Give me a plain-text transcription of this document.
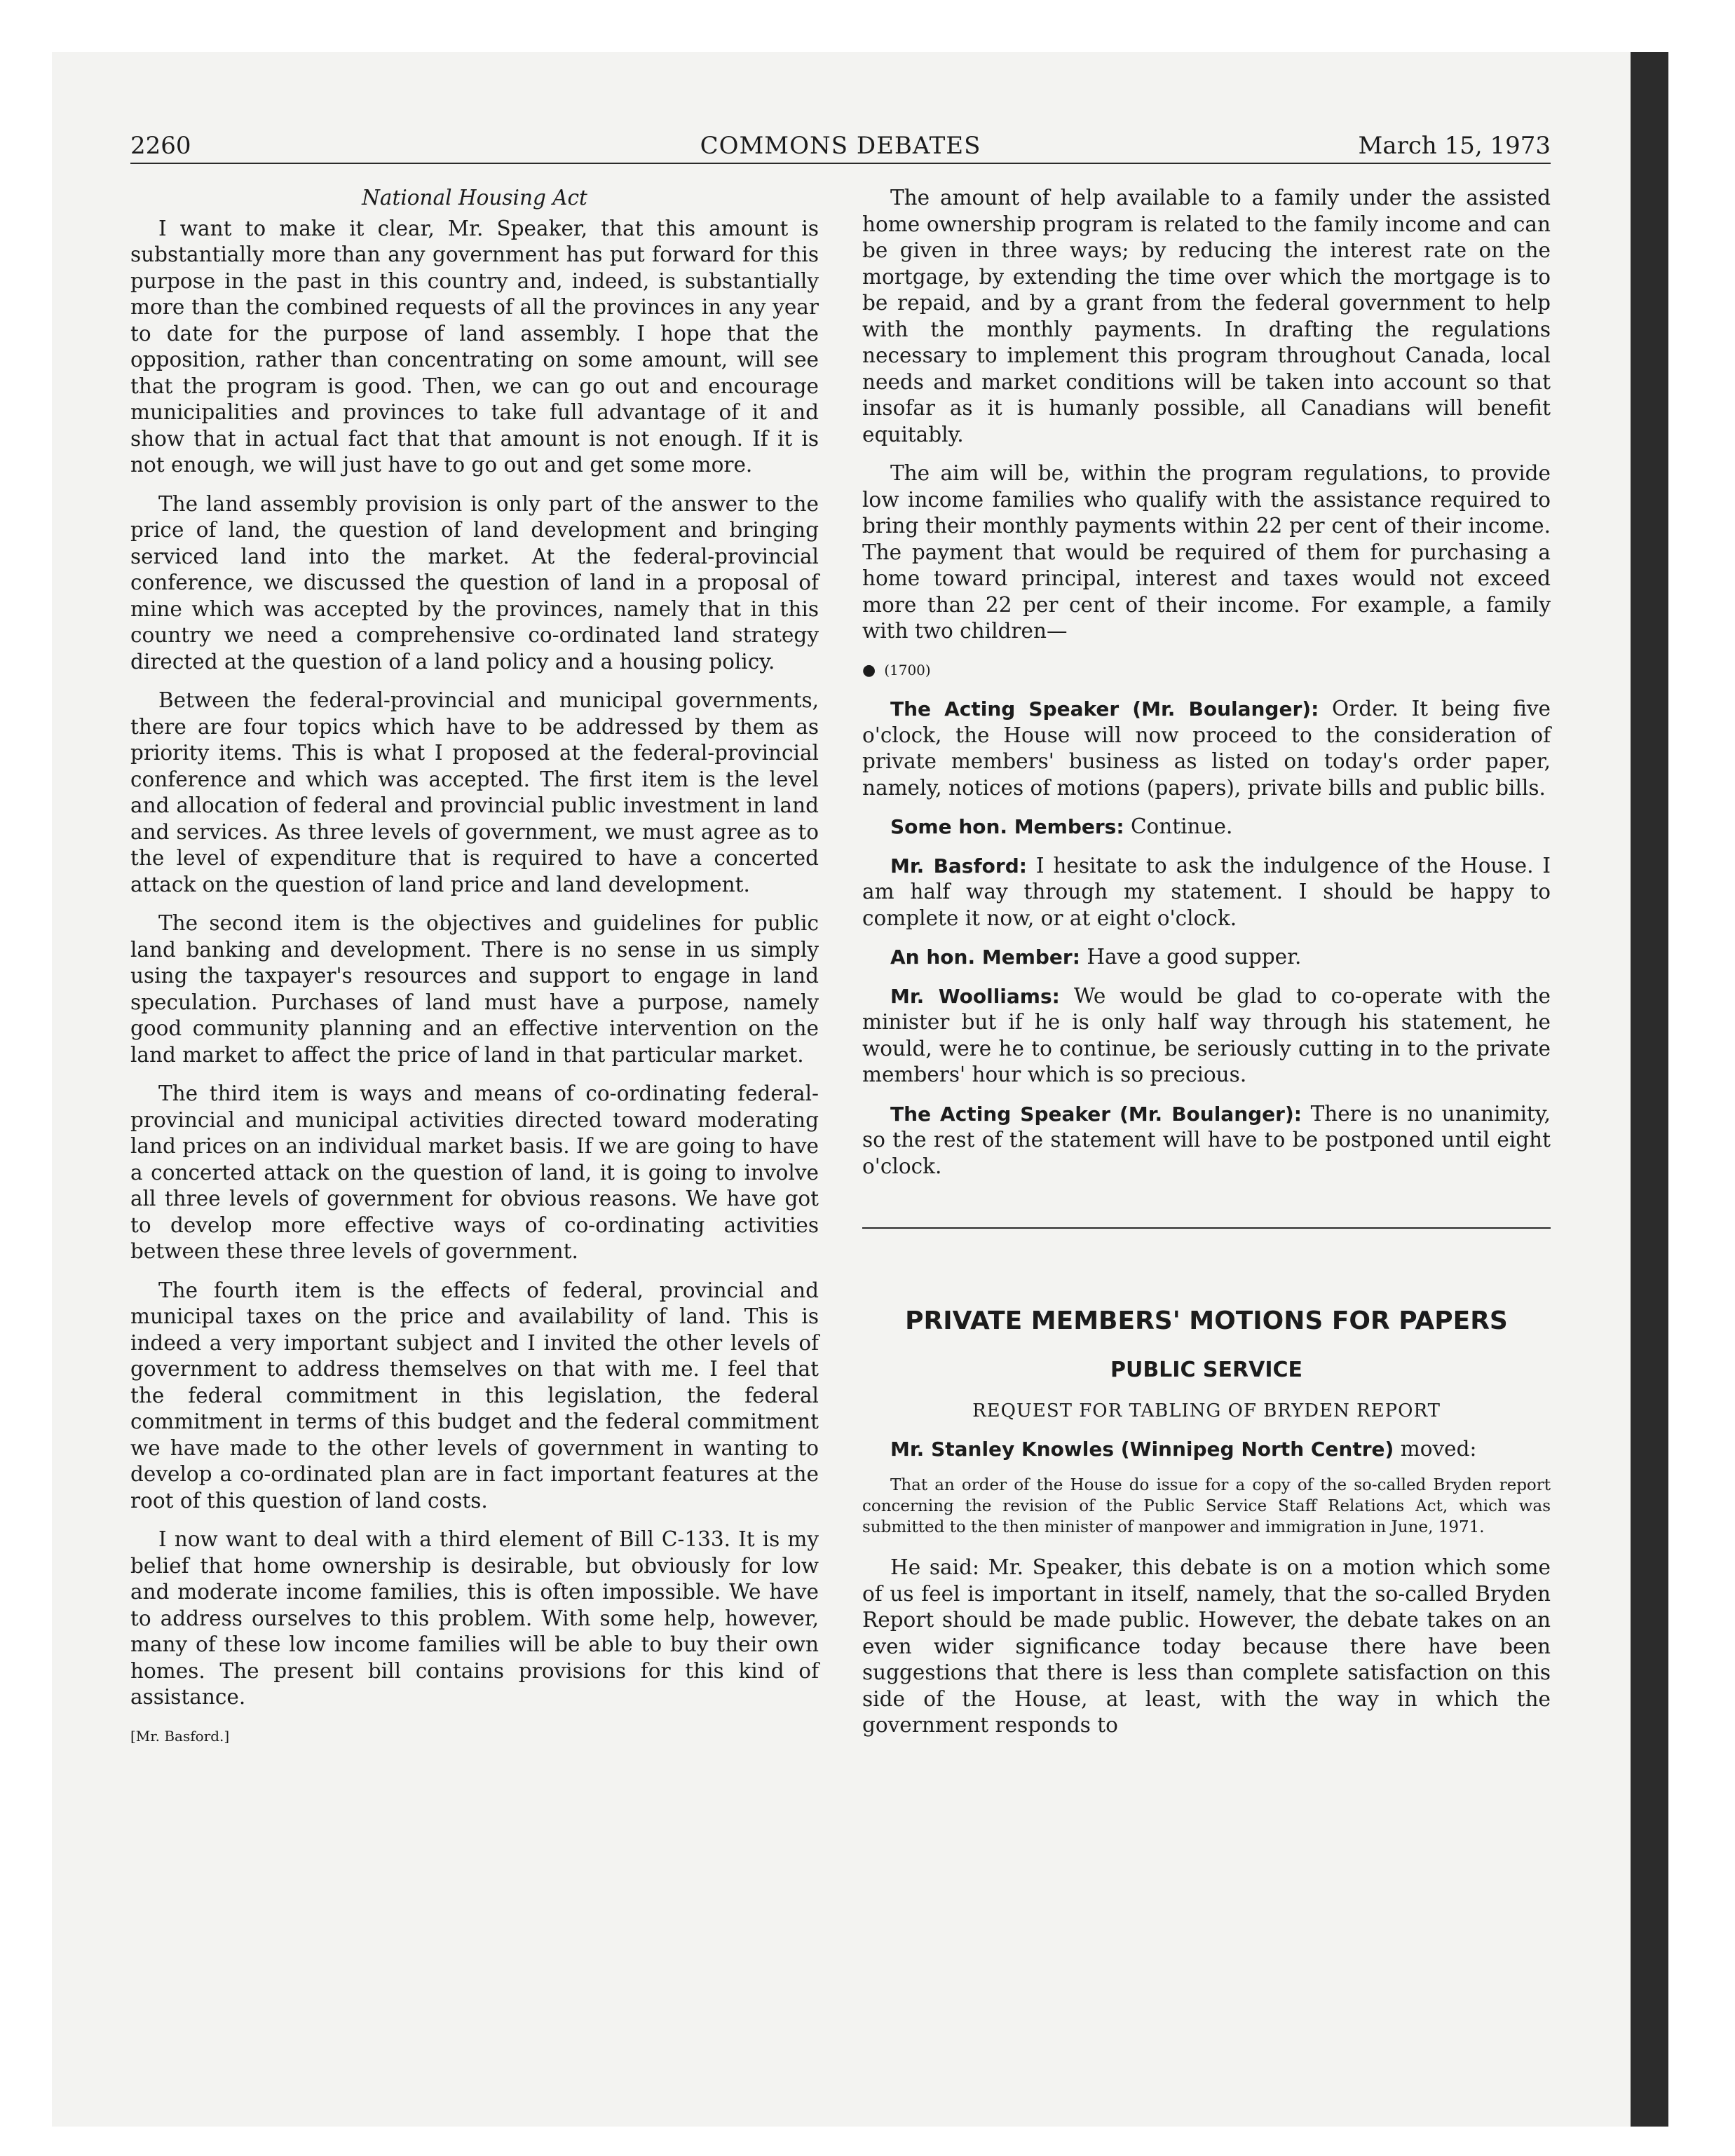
2260	COMMONS DEBATES	March 15, 1973

National Housing Act

I want to make it clear, Mr. Speaker, that this amount is substantially more than any government has put forward for this purpose in the past in this country and, indeed, is substantially more than the combined requests of all the provinces in any year to date for the purpose of land assembly. I hope that the opposition, rather than concentrating on some amount, will see that the program is good. Then, we can go out and encourage municipalities and provinces to take full advantage of it and show that in actual fact that that amount is not enough. If it is not enough, we will just have to go out and get some more.

The land assembly provision is only part of the answer to the price of land, the question of land development and bringing serviced land into the market. At the federal-provincial conference, we discussed the question of land in a proposal of mine which was accepted by the provinces, namely that in this country we need a comprehensive co-ordinated land strategy directed at the question of a land policy and a housing policy.

Between the federal-provincial and municipal governments, there are four topics which have to be addressed by them as priority items. This is what I proposed at the federal-provincial conference and which was accepted. The first item is the level and allocation of federal and provincial public investment in land and services. As three levels of government, we must agree as to the level of expenditure that is required to have a concerted attack on the question of land price and land development.

The second item is the objectives and guidelines for public land banking and development. There is no sense in us simply using the taxpayer's resources and support to engage in land speculation. Purchases of land must have a purpose, namely good community planning and an effective intervention on the land market to affect the price of land in that particular market.

The third item is ways and means of co-ordinating federal-provincial and municipal activities directed toward moderating land prices on an individual market basis. If we are going to have a concerted attack on the question of land, it is going to involve all three levels of government for obvious reasons. We have got to develop more effective ways of co-ordinating activities between these three levels of government.

The fourth item is the effects of federal, provincial and municipal taxes on the price and availability of land. This is indeed a very important subject and I invited the other levels of government to address themselves on that with me. I feel that the federal commitment in this legislation, the federal commitment in terms of this budget and the federal commitment we have made to the other levels of government in wanting to develop a co-ordinated plan are in fact important features at the root of this question of land costs.

I now want to deal with a third element of Bill C-133. It is my belief that home ownership is desirable, but obviously for low and moderate income families, this is often impossible. We have to address ourselves to this problem. With some help, however, many of these low income families will be able to buy their own homes. The present bill contains provisions for this kind of assistance.

[Mr. Basford.]

The amount of help available to a family under the assisted home ownership program is related to the family income and can be given in three ways; by reducing the interest rate on the mortgage, by extending the time over which the mortgage is to be repaid, and by a grant from the federal government to help with the monthly payments. In drafting the regulations necessary to implement this program throughout Canada, local needs and market conditions will be taken into account so that insofar as it is humanly possible, all Canadians will benefit equitably.

The aim will be, within the program regulations, to provide low income families who qualify with the assistance required to bring their monthly payments within 22 per cent of their income. The payment that would be required of them for purchasing a home toward principal, interest and taxes would not exceed more than 22 per cent of their income. For example, a family with two children—

● (1700)

The Acting Speaker (Mr. Boulanger): Order. It being five o'clock, the House will now proceed to the consideration of private members' business as listed on today's order paper, namely, notices of motions (papers), private bills and public bills.

Some hon. Members: Continue.

Mr. Basford: I hesitate to ask the indulgence of the House. I am half way through my statement. I should be happy to complete it now, or at eight o'clock.

An hon. Member: Have a good supper.

Mr. Woolliams: We would be glad to co-operate with the minister but if he is only half way through his statement, he would, were he to continue, be seriously cutting in to the private members' hour which is so precious.

The Acting Speaker (Mr. Boulanger): There is no unanimity, so the rest of the statement will have to be postponed until eight o'clock.

PRIVATE MEMBERS' MOTIONS FOR PAPERS

PUBLIC SERVICE

REQUEST FOR TABLING OF BRYDEN REPORT

Mr. Stanley Knowles (Winnipeg North Centre) moved:

That an order of the House do issue for a copy of the so-called Bryden report concerning the revision of the Public Service Staff Relations Act, which was submitted to the then minister of manpower and immigration in June, 1971.

He said: Mr. Speaker, this debate is on a motion which some of us feel is important in itself, namely, that the so-called Bryden Report should be made public. However, the debate takes on an even wider significance today because there have been suggestions that there is less than complete satisfaction on this side of the House, at least, with the way in which the government responds to
